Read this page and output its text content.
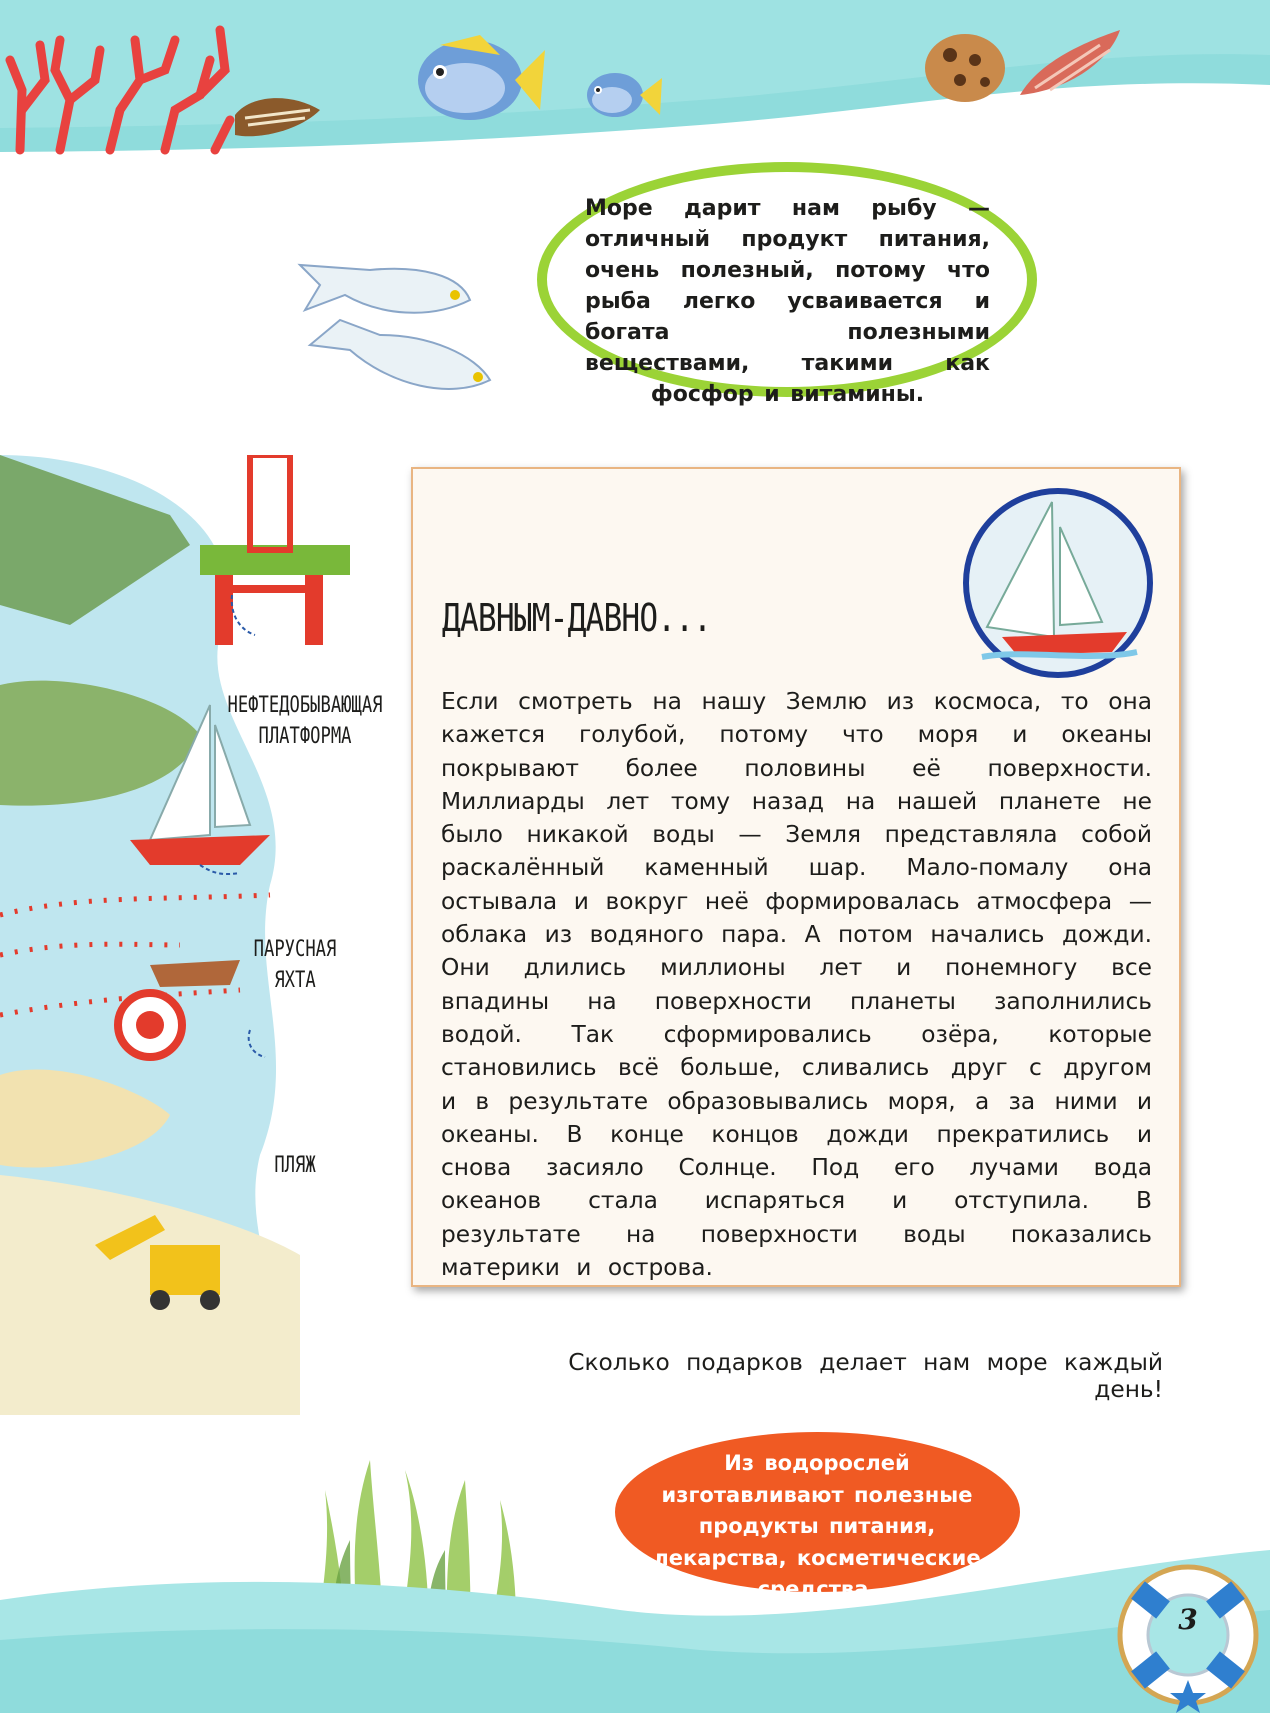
Море дарит нам рыбу — отличный продукт питания, очень полезный, потому что рыба легко усваивается и богата полезными веществами, такими как фосфор и витамины.
НЕФТЕДОБЫВАЮЩАЯ
ПЛАТФОРМА
ПАРУСНАЯ
ЯХТА
ПЛЯЖ
ДАВНЫМ-ДАВНО...

Если смотреть на нашу Землю из космоса, то она кажется голубой, потому что моря и океаны покрывают более половины её поверхности. Миллиарды лет тому назад на нашей планете не было никакой воды — Земля представляла собой раскалённый каменный шар. Мало-помалу она остывала и вокруг неё формировалась атмосфера — облака из водяного пара. А потом начались дожди. Они длились миллионы лет и понемногу все впадины на поверхности планеты заполнились водой. Так сформировались озёра, которые становились всё больше, сливались друг с другом и в результате образовывались моря, а за ними и океаны. В конце концов дожди прекратились и снова засияло Солнце. Под его лучами вода океанов стала испаряться и отступила. В результате на поверхности воды показались материки и острова.

Сколько подарков делает нам море каждый день!
Из водорослей изготавливают полезные продукты питания, лекарства, косметические средства.
3
